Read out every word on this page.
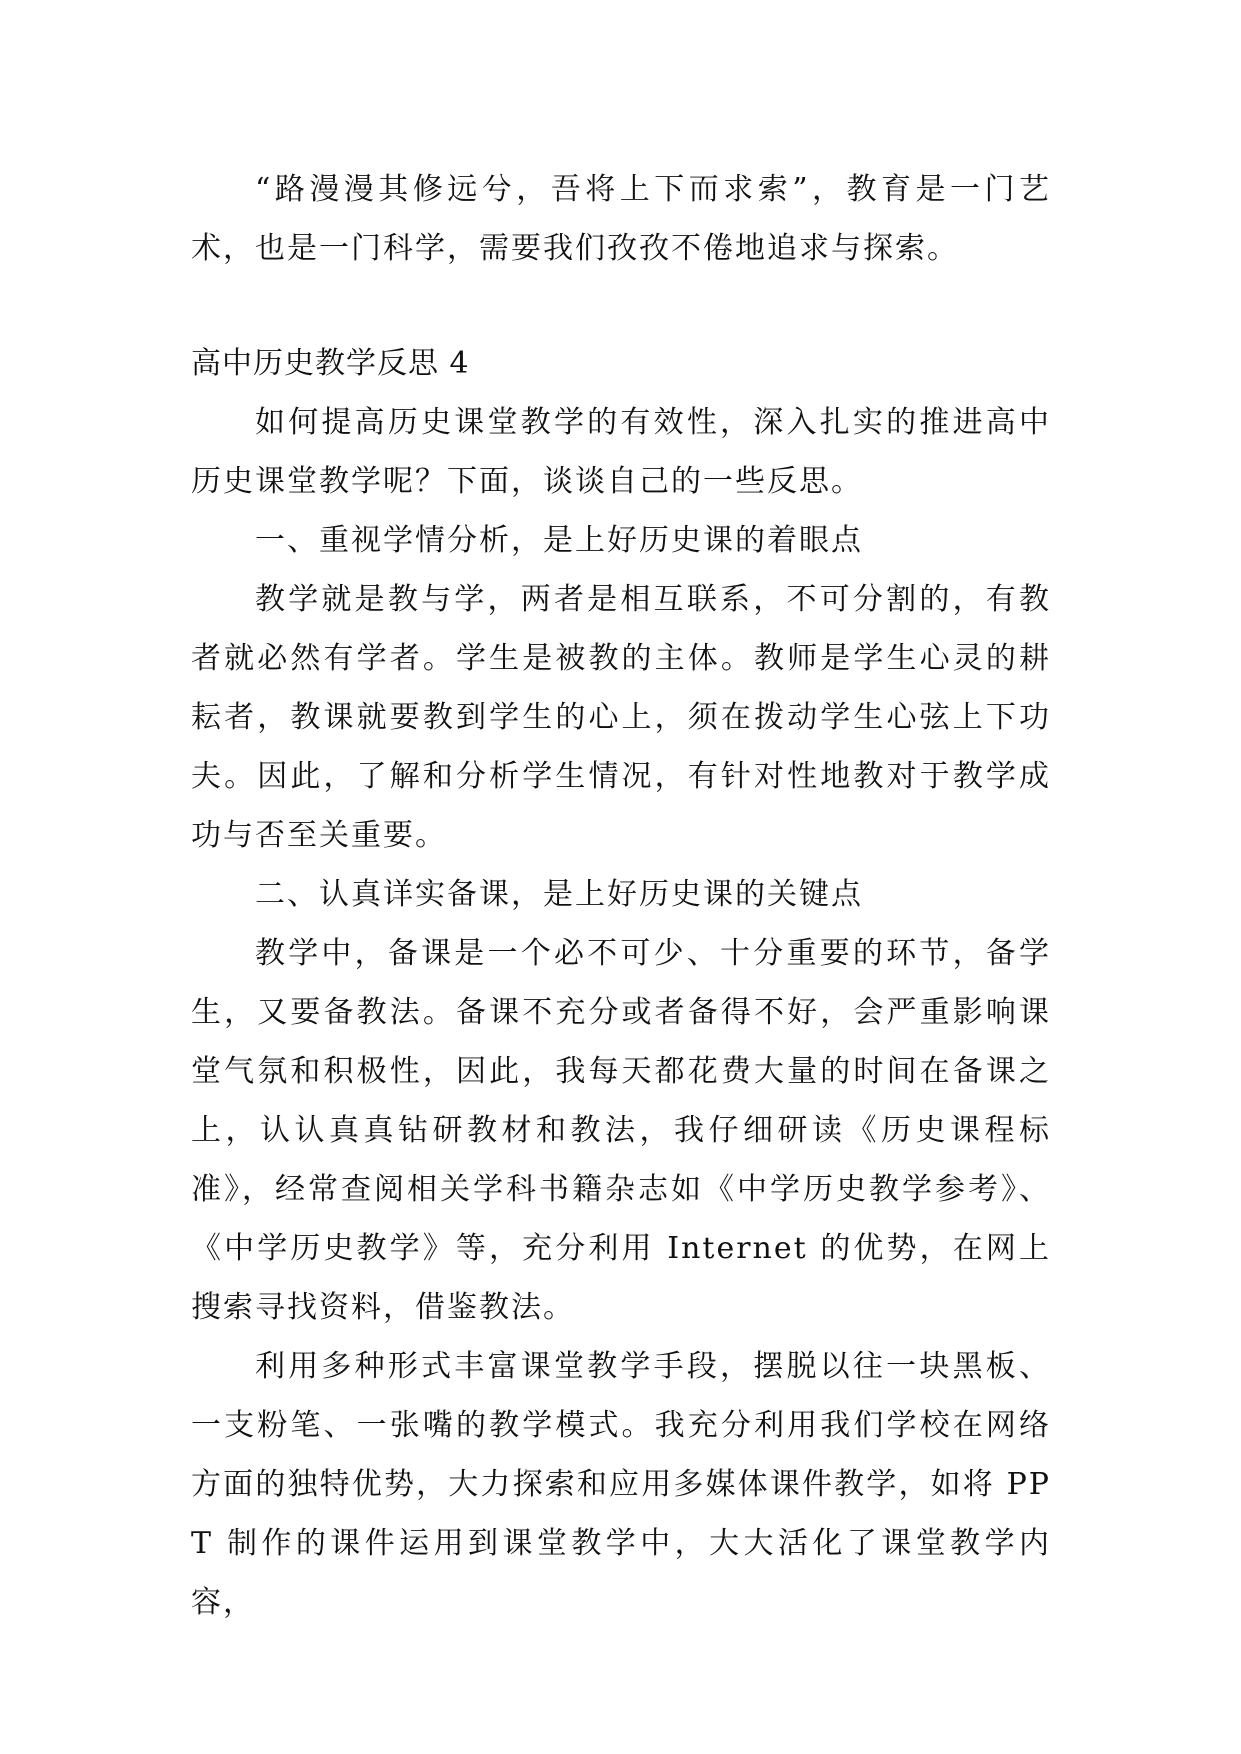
“路漫漫其修远兮，吾将上下而求索”，教育是一门艺术，也是一门科学，需要我们孜孜不倦地追求与探索。

高中历史教学反思 4

如何提高历史课堂教学的有效性，深入扎实的推进高中历史课堂教学呢？下面，谈谈自己的一些反思。

一、重视学情分析，是上好历史课的着眼点

教学就是教与学，两者是相互联系，不可分割的，有教者就必然有学者。学生是被教的主体。教师是学生心灵的耕耘者，教课就要教到学生的心上，须在拨动学生心弦上下功夫。因此，了解和分析学生情况，有针对性地教对于教学成功与否至关重要。

二、认真详实备课，是上好历史课的关键点

教学中，备课是一个必不可少、十分重要的环节，备学生，又要备教法。备课不充分或者备得不好，会严重影响课堂气氛和积极性，因此，我每天都花费大量的时间在备课之上，认认真真钻研教材和教法，我仔细研读《历史课程标准》，经常查阅相关学科书籍杂志如《中学历史教学参考》、《中学历史教学》等，充分利用 Internet 的优势，在网上搜索寻找资料，借鉴教法。

利用多种形式丰富课堂教学手段，摆脱以往一块黑板、一支粉笔、一张嘴的教学模式。我充分利用我们学校在网络方面的独特优势，大力探索和应用多媒体课件教学，如将 PPT 制作的课件运用到课堂教学中，大大活化了课堂教学内容，
